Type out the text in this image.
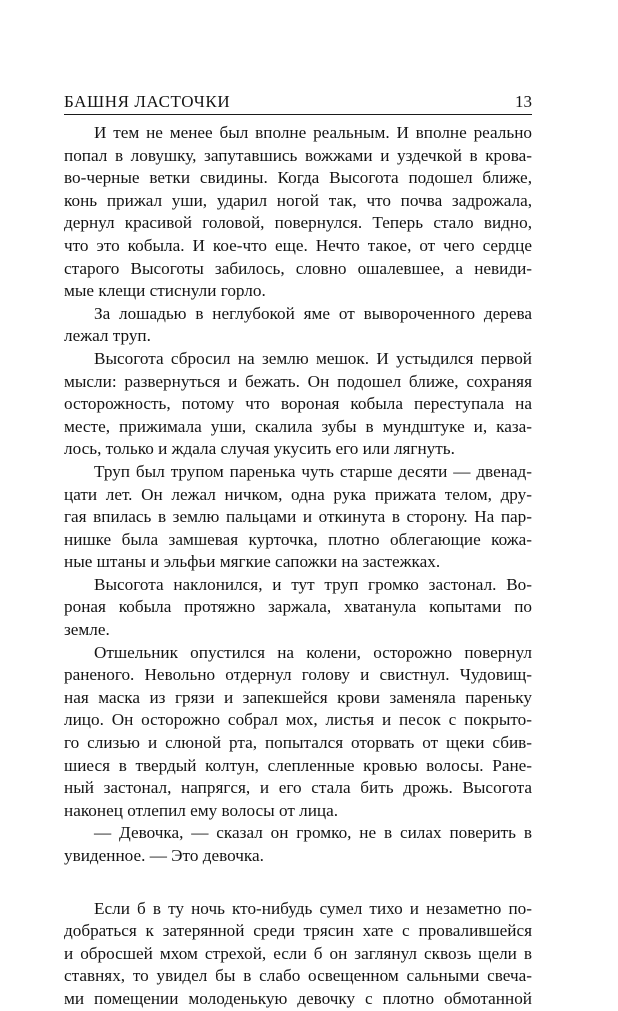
БАШНЯ ЛАСТОЧКИ	13
И тем не менее был вполне реальным. И вполне реально
попал в ловушку, запутавшись вожжами и уздечкой в крова-
во-черные ветки свидины. Когда Высогота подошел ближе,
конь прижал уши, ударил ногой так, что почва задрожала,
дернул красивой головой, повернулся. Теперь стало видно,
что это кобыла. И кое-что еще. Нечто такое, от чего сердце
старого Высоготы забилось, словно ошалевшее, а невиди-
мые клещи стиснули горло.
За лошадью в неглубокой яме от вывороченного дерева
лежал труп.
Высогота сбросил на землю мешок. И устыдился первой
мысли: развернуться и бежать. Он подошел ближе, сохраняя
осторожность, потому что вороная кобыла переступала на
месте, прижимала уши, скалила зубы в мундштуке и, каза-
лось, только и ждала случая укусить его или лягнуть.
Труп был трупом паренька чуть старше десяти — двенад-
цати лет. Он лежал ничком, одна рука прижата телом, дру-
гая впилась в землю пальцами и откинута в сторону. На пар-
нишке была замшевая курточка, плотно облегающие кожа-
ные штаны и эльфьи мягкие сапожки на застежках.
Высогота наклонился, и тут труп громко застонал. Во-
роная кобыла протяжно заржала, хватанула копытами по
земле.
Отшельник опустился на колени, осторожно повернул
раненого. Невольно отдернул голову и свистнул. Чудовищ-
ная маска из грязи и запекшейся крови заменяла пареньку
лицо. Он осторожно собрал мох, листья и песок с покрыто-
го слизью и слюной рта, попытался оторвать от щеки сбив-
шиеся в твердый колтун, слепленные кровью волосы. Ране-
ный застонал, напрягся, и его стала бить дрожь. Высогота
наконец отлепил ему волосы от лица.
— Девочка, — сказал он громко, не в силах поверить в
увиденное. — Это девочка.
Если б в ту ночь кто-нибудь сумел тихо и незаметно по-
добраться к затерянной среди трясин хате с провалившейся
и обросшей мхом стрехой, если б он заглянул сквозь щели в
ставнях, то увидел бы в слабо освещенном сальными свеча-
ми помещении молоденькую девочку с плотно обмотанной
